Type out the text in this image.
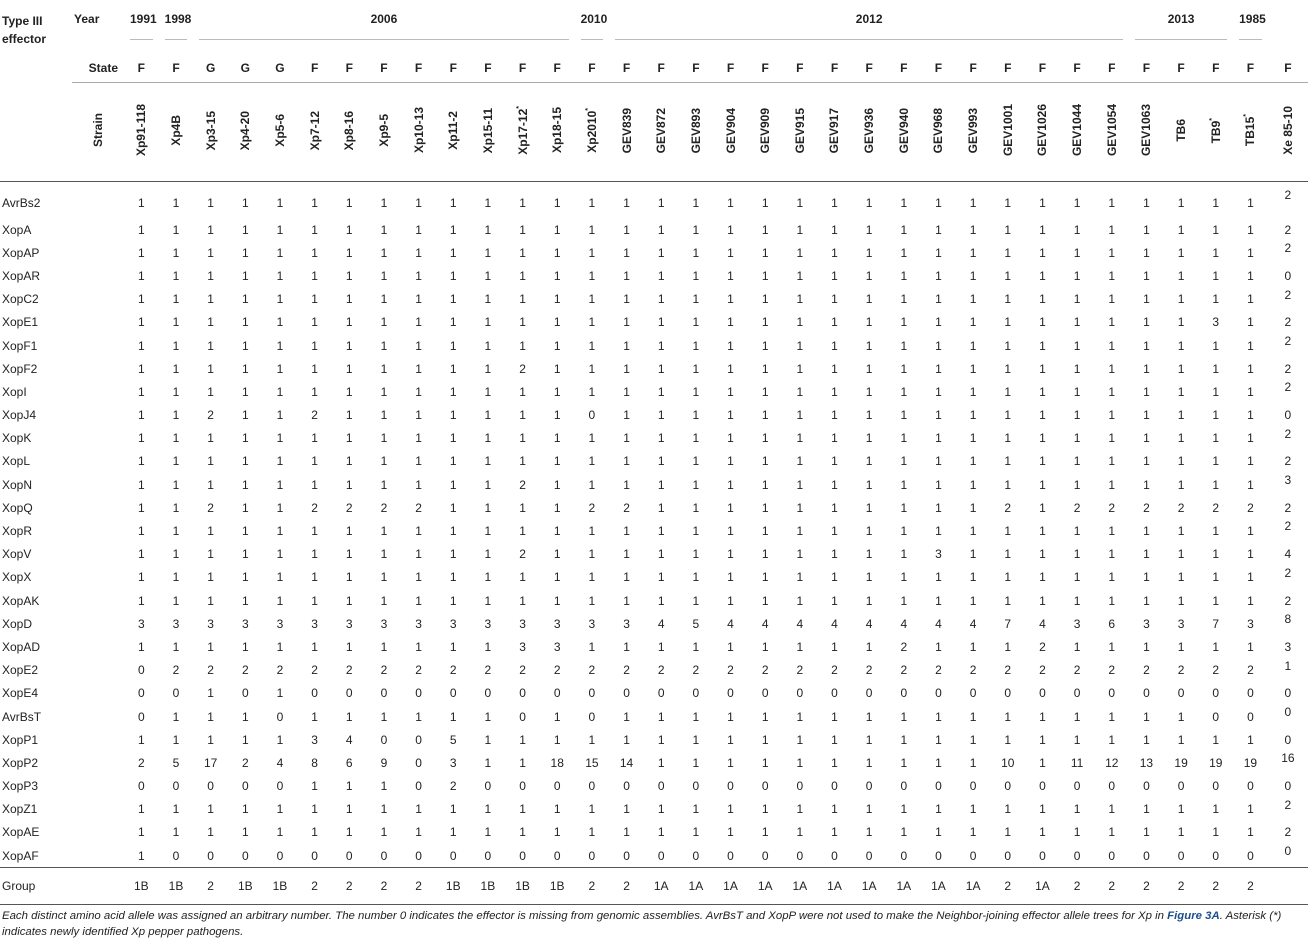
Type III effector	Year	1991	1998	2006											2010	2012															2013			1985	

	State	F	F	G	G	G	F	F	F	F	F	F	F	F	F	F	F	F	F	F	F	F	F	F	F	F	F	F	F	F	F	F	F	F	F
	Strain	Xp91-118	Xp4B	Xp3-15	Xp4-20	Xp5-6	Xp7-12	Xp8-16	Xp9-5	Xp10-13	Xp11-2	Xp15-11	Xp17-12*	Xp18-15	Xp2010*	GEV839	GEV872	GEV893	GEV904	GEV909	GEV915	GEV917	GEV936	GEV940	GEV968	GEV993	GEV1001	GEV1026	GEV1044	GEV1054	GEV1063	TB6	TB9*	TB15*	Xe 85-10
AvrBs2		1	1	1	1	1	1	1	1	1	1	1	1	1	1	1	1	1	1	1	1	1	1	1	1	1	1	1	1	1	1	1	1	1	2
XopA		1	1	1	1	1	1	1	1	1	1	1	1	1	1	1	1	1	1	1	1	1	1	1	1	1	1	1	1	1	1	1	1	1	2
XopAP		1	1	1	1	1	1	1	1	1	1	1	1	1	1	1	1	1	1	1	1	1	1	1	1	1	1	1	1	1	1	1	1	1	2
XopAR		1	1	1	1	1	1	1	1	1	1	1	1	1	1	1	1	1	1	1	1	1	1	1	1	1	1	1	1	1	1	1	1	1	0
XopC2		1	1	1	1	1	1	1	1	1	1	1	1	1	1	1	1	1	1	1	1	1	1	1	1	1	1	1	1	1	1	1	1	1	2
XopE1		1	1	1	1	1	1	1	1	1	1	1	1	1	1	1	1	1	1	1	1	1	1	1	1	1	1	1	1	1	1	1	3	1	2
XopF1		1	1	1	1	1	1	1	1	1	1	1	1	1	1	1	1	1	1	1	1	1	1	1	1	1	1	1	1	1	1	1	1	1	2
XopF2		1	1	1	1	1	1	1	1	1	1	1	2	1	1	1	1	1	1	1	1	1	1	1	1	1	1	1	1	1	1	1	1	1	2
XopI		1	1	1	1	1	1	1	1	1	1	1	1	1	1	1	1	1	1	1	1	1	1	1	1	1	1	1	1	1	1	1	1	1	2
XopJ4		1	1	2	1	1	2	1	1	1	1	1	1	1	0	1	1	1	1	1	1	1	1	1	1	1	1	1	1	1	1	1	1	1	0
XopK		1	1	1	1	1	1	1	1	1	1	1	1	1	1	1	1	1	1	1	1	1	1	1	1	1	1	1	1	1	1	1	1	1	2
XopL		1	1	1	1	1	1	1	1	1	1	1	1	1	1	1	1	1	1	1	1	1	1	1	1	1	1	1	1	1	1	1	1	1	2
XopN		1	1	1	1	1	1	1	1	1	1	1	2	1	1	1	1	1	1	1	1	1	1	1	1	1	1	1	1	1	1	1	1	1	3
XopQ		1	1	2	1	1	2	2	2	2	1	1	1	1	2	2	1	1	1	1	1	1	1	1	1	1	2	1	2	2	2	2	2	2	2
XopR		1	1	1	1	1	1	1	1	1	1	1	1	1	1	1	1	1	1	1	1	1	1	1	1	1	1	1	1	1	1	1	1	1	2
XopV		1	1	1	1	1	1	1	1	1	1	1	2	1	1	1	1	1	1	1	1	1	1	1	3	1	1	1	1	1	1	1	1	1	4
XopX		1	1	1	1	1	1	1	1	1	1	1	1	1	1	1	1	1	1	1	1	1	1	1	1	1	1	1	1	1	1	1	1	1	2
XopAK		1	1	1	1	1	1	1	1	1	1	1	1	1	1	1	1	1	1	1	1	1	1	1	1	1	1	1	1	1	1	1	1	1	2
XopD		3	3	3	3	3	3	3	3	3	3	3	3	3	3	3	4	5	4	4	4	4	4	4	4	4	7	4	3	6	3	3	7	3	8
XopAD		1	1	1	1	1	1	1	1	1	1	1	3	3	1	1	1	1	1	1	1	1	1	2	1	1	1	2	1	1	1	1	1	1	3
XopE2		0	2	2	2	2	2	2	2	2	2	2	2	2	2	2	2	2	2	2	2	2	2	2	2	2	2	2	2	2	2	2	2	2	1
XopE4		0	0	1	0	1	0	0	0	0	0	0	0	0	0	0	0	0	0	0	0	0	0	0	0	0	0	0	0	0	0	0	0	0	0
AvrBsT		0	1	1	1	0	1	1	1	1	1	1	0	1	0	1	1	1	1	1	1	1	1	1	1	1	1	1	1	1	1	1	0	0	0
XopP1		1	1	1	1	1	3	4	0	0	5	1	1	1	1	1	1	1	1	1	1	1	1	1	1	1	1	1	1	1	1	1	1	1	0
XopP2		2	5	17	2	4	8	6	9	0	3	1	1	18	15	14	1	1	1	1	1	1	1	1	1	1	10	1	11	12	13	19	19	19	16
XopP3		0	0	0	0	0	1	1	1	0	2	0	0	0	0	0	0	0	0	0	0	0	0	0	0	0	0	0	0	0	0	0	0	0	0
XopZ1		1	1	1	1	1	1	1	1	1	1	1	1	1	1	1	1	1	1	1	1	1	1	1	1	1	1	1	1	1	1	1	1	1	2
XopAE		1	1	1	1	1	1	1	1	1	1	1	1	1	1	1	1	1	1	1	1	1	1	1	1	1	1	1	1	1	1	1	1	1	2
XopAF		1	0	0	0	0	0	0	0	0	0	0	0	0	0	0	0	0	0	0	0	0	0	0	0	0	0	0	0	0	0	0	0	0	0
Group		1B	1B	2	1B	1B	2	2	2	2	1B	1B	1B	1B	2	2	1A	1A	1A	1A	1A	1A	1A	1A	1A	1A	2	1A	2	2	2	2	2	2	
Each distinct amino acid allele was assigned an arbitrary number. The number 0 indicates the effector is missing from genomic assemblies. AvrBsT and XopP were not used to make the Neighbor-joining effector allele trees for Xp in Figure 3A. Asterisk (*) indicates newly identified Xp pepper pathogens.
